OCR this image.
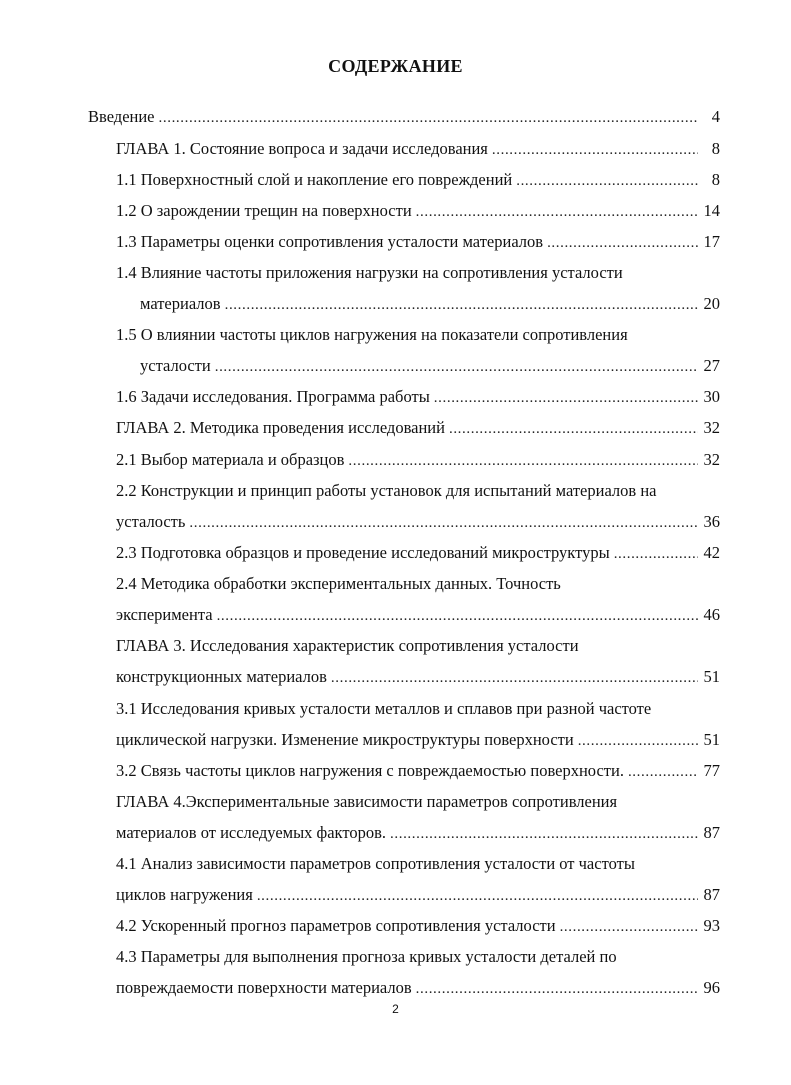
СОДЕРЖАНИЕ
Введение .....	4
ГЛАВА 1. Состояние вопроса и задачи исследования .....	8
1.1 Поверхностный слой и накопление его повреждений .....	8
1.2 О зарождении трещин на поверхности .....	14
1.3 Параметры оценки сопротивления усталости материалов .....	17
1.4 Влияние частоты приложения нагрузки на сопротивления усталости
материалов .....	20
1.5 О влиянии частоты циклов нагружения на показатели сопротивления
усталости .....	27
1.6 Задачи исследования. Программа работы .....	30
ГЛАВА 2. Методика проведения исследований .....	32
2.1 Выбор материала и образцов .....	32
2.2 Конструкции и принцип работы установок для испытаний материалов на
усталость .....	36
2.3 Подготовка образцов и проведение исследований микроструктуры .....	42
2.4 Методика обработки экспериментальных данных. Точность
эксперимента .....	46
ГЛАВА 3. Исследования характеристик сопротивления усталости
конструкционных материалов .....	51
3.1 Исследования кривых усталости металлов и сплавов при разной частоте
циклической нагрузки. Изменение микроструктуры поверхности .....	51
3.2 Связь частоты циклов нагружения с повреждаемостью поверхности. .....	77
ГЛАВА 4.Экспериментальные зависимости параметров сопротивления
материалов от исследуемых факторов. .....	87
4.1 Анализ зависимости параметров сопротивления усталости от частоты
циклов нагружения .....	87
4.2 Ускоренный прогноз параметров сопротивления усталости .....	93
4.3 Параметры для выполнения прогноза кривых усталости деталей по
повреждаемости поверхности материалов .....	96
2
